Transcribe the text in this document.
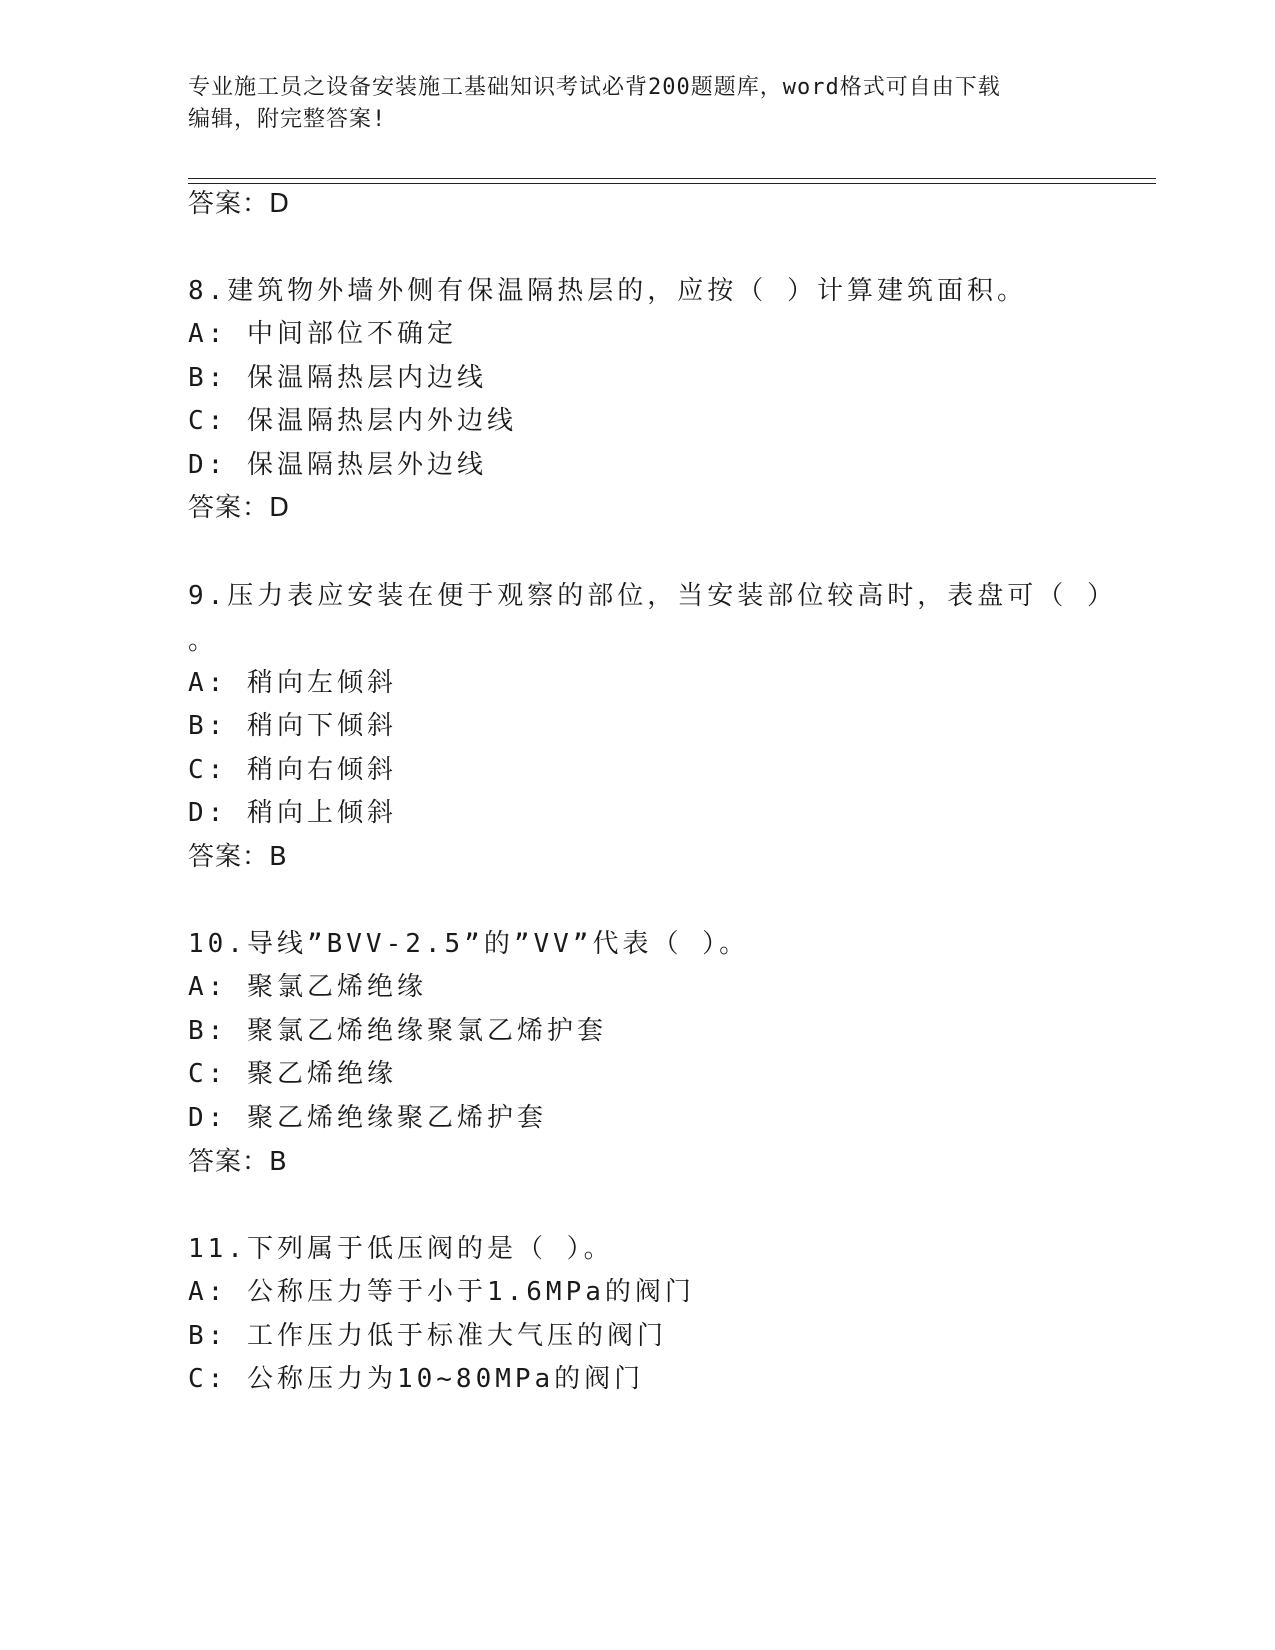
专业施工员之设备安装施工基础知识考试必背200题题库，word格式可自由下载
编辑，附完整答案!
答案：D
8.建筑物外墙外侧有保温隔热层的，应按（ ）计算建筑面积。
A: 中间部位不确定
B: 保温隔热层内边线
C: 保温隔热层内外边线
D: 保温隔热层外边线
答案：D
9.压力表应安装在便于观察的部位，当安装部位较高时，表盘可（ ）
。
A: 稍向左倾斜
B: 稍向下倾斜
C: 稍向右倾斜
D: 稍向上倾斜
答案：B
10.导线”BVV-2.5”的”VV”代表（ ）。
A: 聚氯乙烯绝缘
B: 聚氯乙烯绝缘聚氯乙烯护套
C: 聚乙烯绝缘
D: 聚乙烯绝缘聚乙烯护套
答案：B
11.下列属于低压阀的是（ ）。
A: 公称压力等于小于1.6MPa的阀门
B: 工作压力低于标准大气压的阀门
C: 公称压力为10~80MPa的阀门
